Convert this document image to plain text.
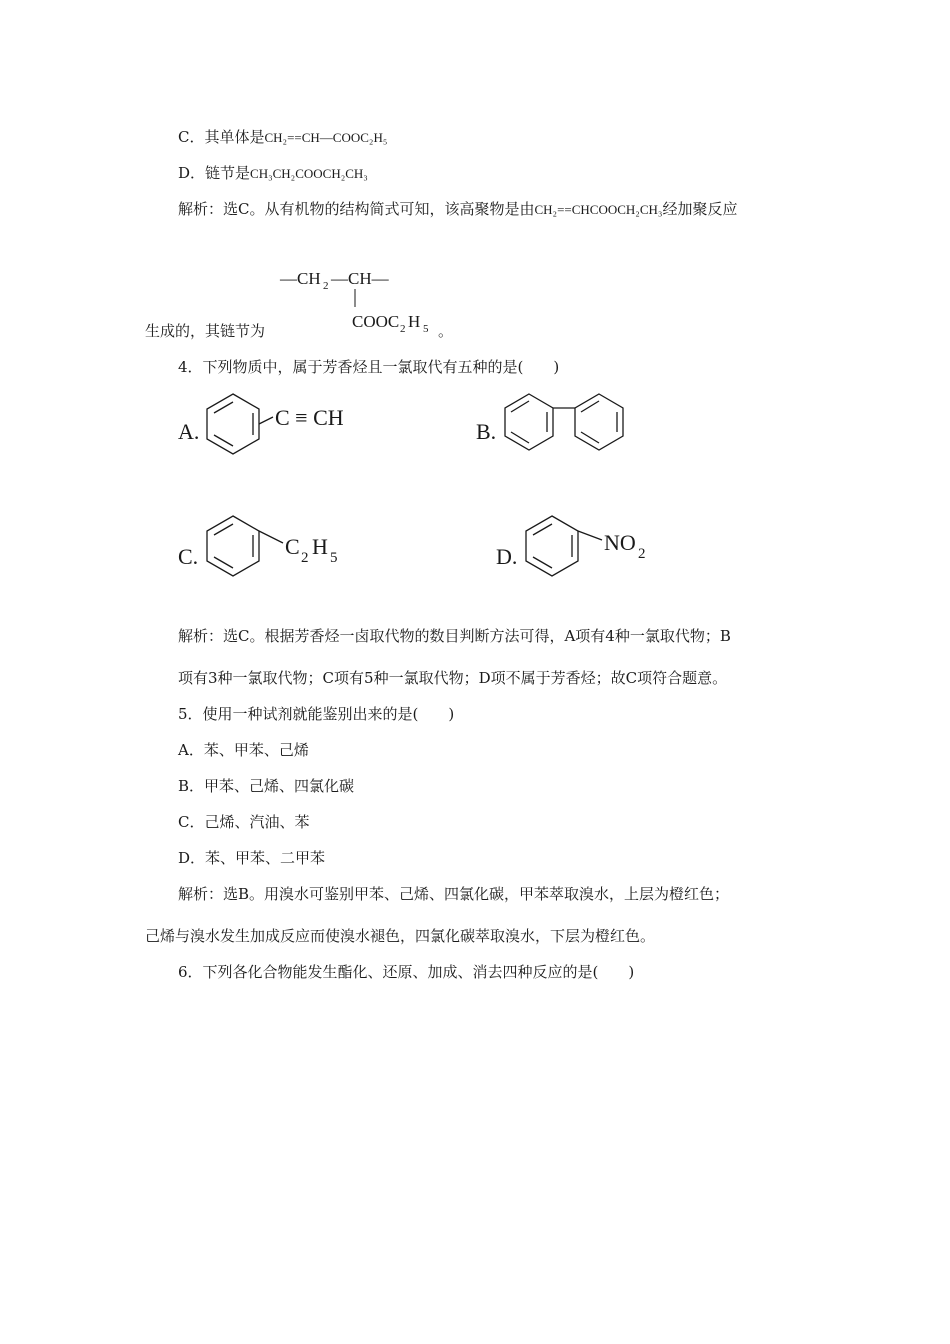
C．其单体是CH₂==CH—COOC₂H₅
D．链节是CH₃CH₂COOCH₂CH₃
解析：选C。从有机物的结构简式可知，该高聚物是由CH₂==CHCOOCH₂CH₃经加聚反应
—CH 2 —CH—
COOC 2 H 5
生成的，其链节为	。
4．下列物质中，属于芳香烃且一氯取代有五种的是(　　)
A.
C ≡ CH
B.
C.	C 2 H 5	D.
NO 2
解析：选C。根据芳香烃一卤取代物的数目判断方法可得，A项有4种一氯取代物；B
项有3种一氯取代物；C项有5种一氯取代物；D项不属于芳香烃；故C项符合题意。
5．使用一种试剂就能鉴别出来的是(　　)
A．苯、甲苯、己烯
B．甲苯、己烯、四氯化碳
C．己烯、汽油、苯
D．苯、甲苯、二甲苯
解析：选B。用溴水可鉴别甲苯、己烯、四氯化碳，甲苯萃取溴水，上层为橙红色；
己烯与溴水发生加成反应而使溴水褪色，四氯化碳萃取溴水，下层为橙红色。
6．下列各化合物能发生酯化、还原、加成、消去四种反应的是(　　)
